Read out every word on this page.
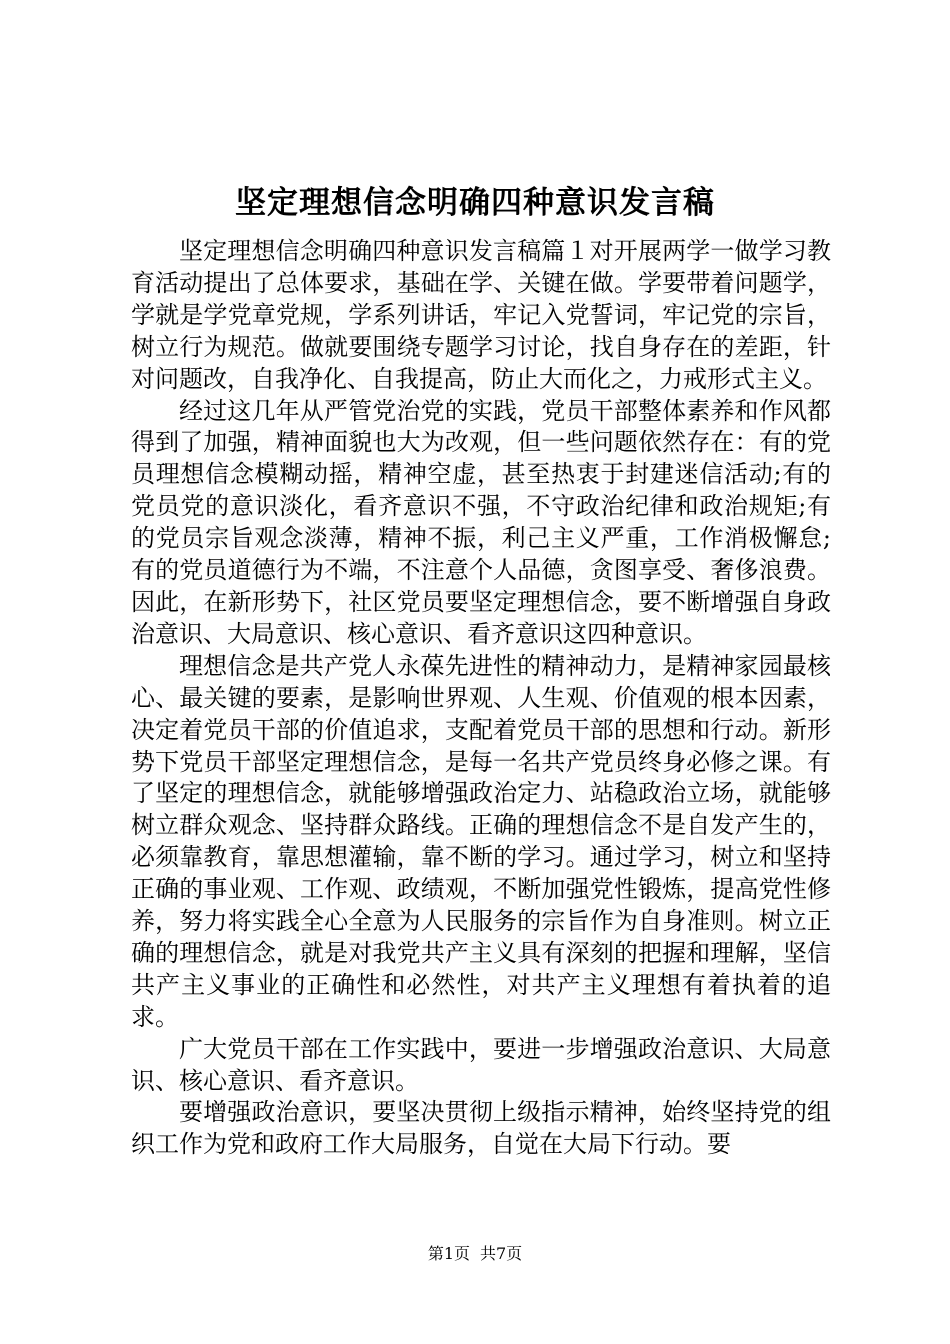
坚定理想信念明确四种意识发言稿

坚定理想信念明确四种意识发言稿篇１对开展两学一做学习教育活动提出了总体要求，基础在学、关键在做。学要带着问题学，学就是学党章党规，学系列讲话，牢记入党誓词，牢记党的宗旨，树立行为规范。做就要围绕专题学习讨论，找自身存在的差距，针对问题改，自我净化、自我提高，防止大而化之，力戒形式主义。

经过这几年从严管党治党的实践，党员干部整体素养和作风都得到了加强，精神面貌也大为改观，但一些问题依然存在：有的党员理想信念模糊动摇，精神空虚，甚至热衷于封建迷信活动;有的党员党的意识淡化，看齐意识不强，不守政治纪律和政治规矩;有的党员宗旨观念淡薄，精神不振，利己主义严重，工作消极懈怠;有的党员道德行为不端，不注意个人品德，贪图享受、奢侈浪费。因此，在新形势下，社区党员要坚定理想信念，要不断增强自身政治意识、大局意识、核心意识、看齐意识这四种意识。

理想信念是共产党人永葆先进性的精神动力，是精神家园最核心、最关键的要素，是影响世界观、人生观、价值观的根本因素，决定着党员干部的价值追求，支配着党员干部的思想和行动。新形势下党员干部坚定理想信念，是每一名共产党员终身必修之课。有了坚定的理想信念，就能够增强政治定力、站稳政治立场，就能够树立群众观念、坚持群众路线。正确的理想信念不是自发产生的，必须靠教育，靠思想灌输，靠不断的学习。通过学习，树立和坚持正确的事业观、工作观、政绩观，不断加强党性锻炼，提高党性修养，努力将实践全心全意为人民服务的宗旨作为自身准则。树立正确的理想信念，就是对我党共产主义具有深刻的把握和理解，坚信共产主义事业的正确性和必然性，对共产主义理想有着执着的追求。

广大党员干部在工作实践中，要进一步增强政治意识、大局意识、核心意识、看齐意识。

要增强政治意识，要坚决贯彻上级指示精神，始终坚持党的组织工作为党和政府工作大局服务，自觉在大局下行动。要

第1页 共7页
